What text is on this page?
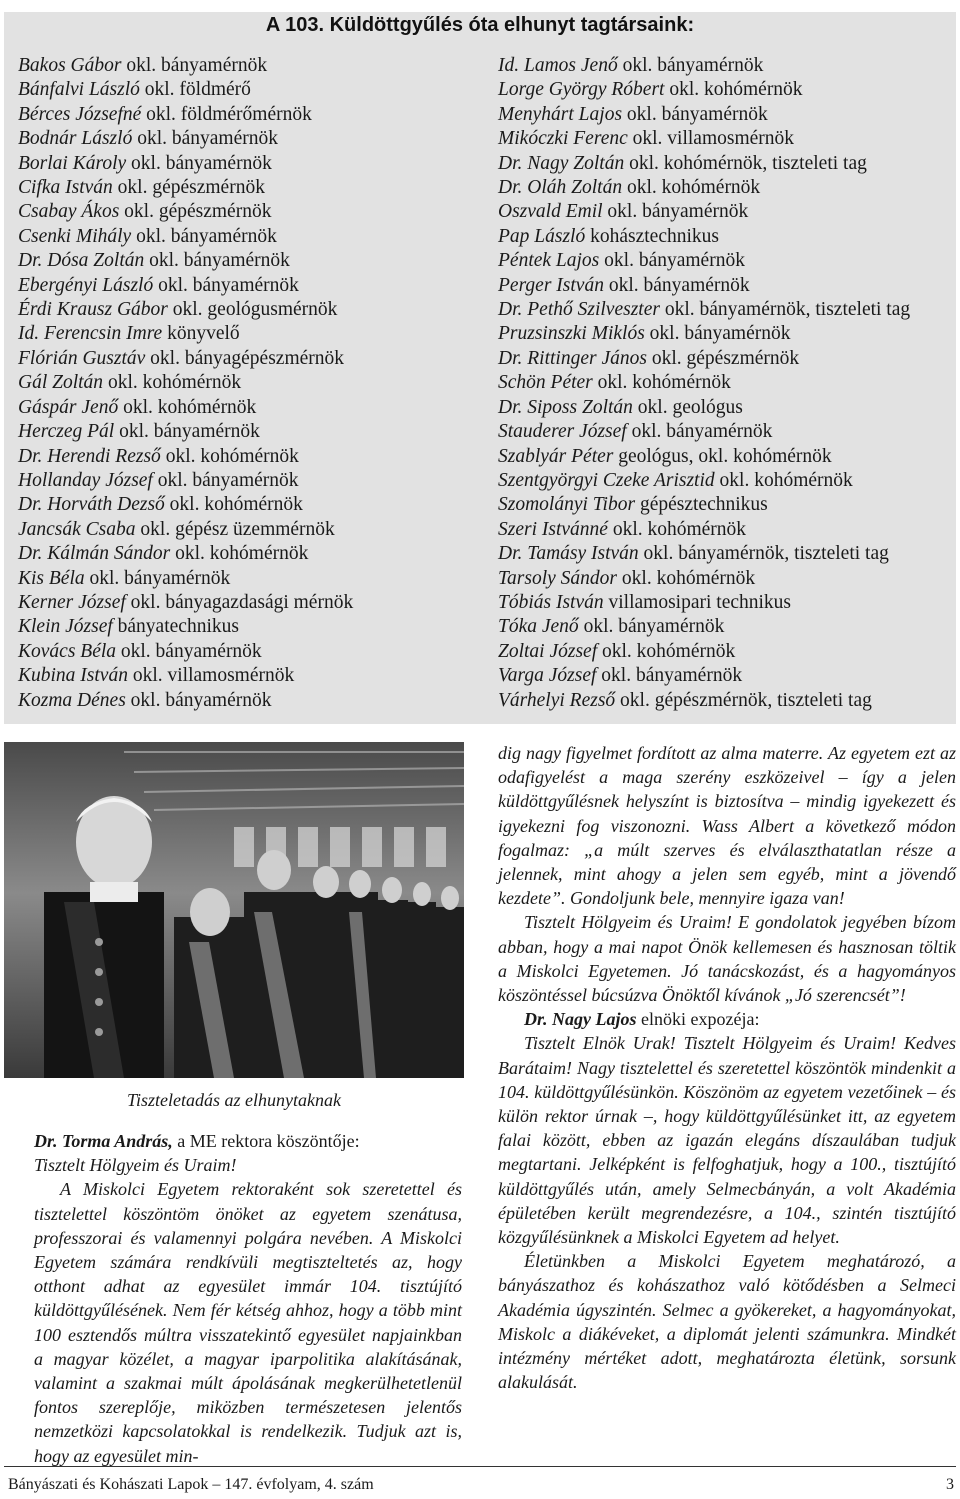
A 103. Küldöttgyűlés óta elhunyt tagtársaink:
Bakos Gábor okl. bányamérnök
Bánfalvi László okl. földmérő
Bérces Józsefné okl. földmérőmérnök
Bodnár László okl. bányamérnök
Borlai Károly okl. bányamérnök
Cifka István okl. gépészmérnök
Csabay Ákos okl. gépészmérnök
Csenki Mihály okl. bányamérnök
Dr. Dósa Zoltán okl. bányamérnök
Ebergényi László okl. bányamérnök
Érdi Krausz Gábor okl. geológusmérnök
Id. Ferencsin Imre könyvelő
Flórián Gusztáv okl. bányagépészmérnök
Gál Zoltán okl. kohómérnök
Gáspár Jenő okl. kohómérnök
Herczeg Pál okl. bányamérnök
Dr. Herendi Rezső okl. kohómérnök
Hollanday József okl. bányamérnök
Dr. Horváth Dezső okl. kohómérnök
Jancsák Csaba okl. gépész üzemmérnök
Dr. Kálmán Sándor okl. kohómérnök
Kis Béla okl. bányamérnök
Kerner József okl. bányagazdasági mérnök
Klein József bányatechnikus
Kovács Béla okl. bányamérnök
Kubina István okl. villamosmérnök
Kozma Dénes okl. bányamérnök
Id. Lamos Jenő okl. bányamérnök
Lorge György Róbert okl. kohómérnök
Menyhárt Lajos okl. bányamérnök
Mikóczki Ferenc okl. villamosmérnök
Dr. Nagy Zoltán okl. kohómérnök, tiszteleti tag
Dr. Oláh Zoltán okl. kohómérnök
Oszvald Emil okl. bányamérnök
Pap László kohásztechnikus
Péntek Lajos okl. bányamérnök
Perger István okl. bányamérnök
Dr. Pethő Szilveszter okl. bányamérnök, tiszteleti tag
Pruzsinszki Miklós okl. bányamérnök
Dr. Rittinger János okl. gépészmérnök
Schön Péter okl. kohómérnök
Dr. Siposs Zoltán okl. geológus
Stauderer József okl. bányamérnök
Szablyár Péter geológus, okl. kohómérnök
Szentgyörgyi Czeke Arisztid okl. kohómérnök
Szomolányi Tibor gépésztechnikus
Szeri Istvánné okl. kohómérnök
Dr. Tamásy István okl. bányamérnök, tiszteleti tag
Tarsoly Sándor okl. kohómérnök
Tóbiás István villamosipari technikus
Tóka Jenő okl. bányamérnök
Zoltai József okl. kohómérnök
Varga József okl. bányamérnök
Várhelyi Rezső okl. gépészmérnök, tiszteleti tag
Tiszteletadás az elhunytaknak

Dr. Torma András, a ME rektora köszöntője:

Tisztelt Hölgyeim és Uraim!

A Miskolci Egyetem rektoraként sok szeretettel és tisztelettel köszöntöm önöket az egyetem szenátusa, professzorai és valamennyi polgára nevében. A Miskolci Egyetem számára rendkívüli megtiszteltetés az, hogy otthont adhat az egyesület immár 104. tisztújító küldöttgyűlésének. Nem fér kétség ahhoz, hogy a több mint 100 esztendős múltra visszatekintő egyesület napjainkban a magyar közélet, a magyar iparpolitika alakításának, valamint a szakmai múlt ápolásának megkerülhetetlenül fontos szereplője, miközben természetesen jelentős nemzetközi kapcsolatokkal is rendelkezik. Tudjuk azt is, hogy az egyesület min-

dig nagy figyelmet fordított az alma materre. Az egyetem ezt az odafigyelést a maga szerény eszközeivel – így a jelen küldöttgyűlésnek helyszínt is biztosítva – mindig igyekezett és igyekezni fog viszonozni. Wass Albert a következő módon fogalmaz: „a múlt szerves és elválaszthatatlan része a jelennek, mint ahogy a jelen sem egyéb, mint a jövendő kezdete”. Gondoljunk bele, mennyire igaza van!

Tisztelt Hölgyeim és Uraim! E gondolatok jegyében bízom abban, hogy a mai napot Önök kellemesen és hasznosan töltik a Miskolci Egyetemen. Jó tanácskozást, és a hagyományos köszöntéssel búcsúzva Önöktől kívánok „Jó szerencsét”!

Dr. Nagy Lajos elnöki expozéja:

Tisztelt Elnök Urak! Tisztelt Hölgyeim és Uraim! Kedves Barátaim! Nagy tisztelettel és szeretettel köszöntök mindenkit a 104. küldöttgyűlésünkön. Köszönöm az egyetem vezetőinek – és külön rektor úrnak –, hogy küldöttgyűlésünket itt, az egyetem falai között, ebben az igazán elegáns díszaulában tudjuk megtartani. Jelképként is felfoghatjuk, hogy a 100., tisztújító küldöttgyűlés után, amely Selmecbányán, a volt Akadémia épületében került megrendezésre, a 104., szintén tisztújító közgyűlésünknek a Miskolci Egyetem ad helyet.

Életünkben a Miskolci Egyetem meghatározó, a bányászathoz és kohászathoz való kötődésben a Selmeci Akadémia úgyszintén. Selmec a gyökereket, a hagyományokat, Miskolc a diákéveket, a diplomát jelenti számunkra. Mindkét intézmény mértéket adott, meghatározta életünk, sorsunk alakulását.

Bányászati és Kohászati Lapok – 147. évfolyam, 4. szám	3
